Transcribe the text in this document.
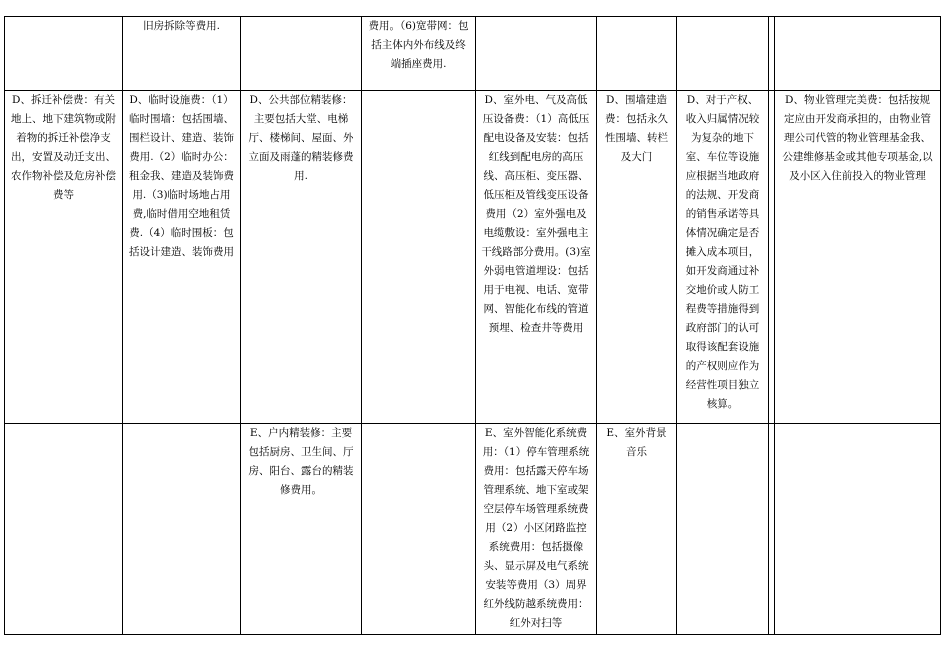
	旧房拆除等费用.		费用。（6)宽带网：包括主体内外布线及终端插座费用.					
D、拆迁补偿费：有关地上、地下建筑物或附着物的拆迁补偿净支出，安置及动迁支出、农作物补偿及危房补偿费等	D、临时设施费：（1）临时围墙：包括围墙、围栏设计、建造、装饰费用.（2）临时办公：租金我、建造及装饰费用.（3)临时场地占用费,临时借用空地租赁费.（4）临时围板：包括设计建造、装饰费用	D、公共部位精装修：主要包括大堂、电梯厅、楼梯间、屋面、外立面及雨蓬的精装修费用.		D、室外电、气及高低压设备费：（1）高低压配电设备及安装：包括红线到配电房的高压线、高压柜、变压器、低压柜及管线变压设备费用（2）室外强电及电缆敷设：室外强电主干线路部分费用。(3)室外弱电管道埋设：包括用于电视、电话、宽带网、智能化布线的管道预埋、检查井等费用	D、围墙建造费：包括永久性围墙、转栏及大门	D、对于产权、收入归属情况较为复杂的地下室、车位等设施应根据当地政府的法规、开发商的销售承诺等具体情况确定是否摊入成本项目，如开发商通过补交地价或人防工程费等措施得到政府部门的认可取得该配套设施的产权则应作为经营性项目独立核算。		D、物业管理完美费：包括按规定应由开发商承担的，由物业管理公司代管的物业管理基金我、公建维修基金或其他专项基金,以及小区入住前投入的物业管理
		E、户内精装修：主要包括厨房、卫生间、厅房、阳台、露台的精装修费用。		E、室外智能化系统费用：（1）停车管理系统费用：包括露天停车场管理系统、地下室或架空层停车场管理系统费用（2）小区闭路监控系统费用：包括摄像头、显示屏及电气系统安装等费用（3）周界红外线防越系统费用：红外对扫等	E、室外背景音乐			
